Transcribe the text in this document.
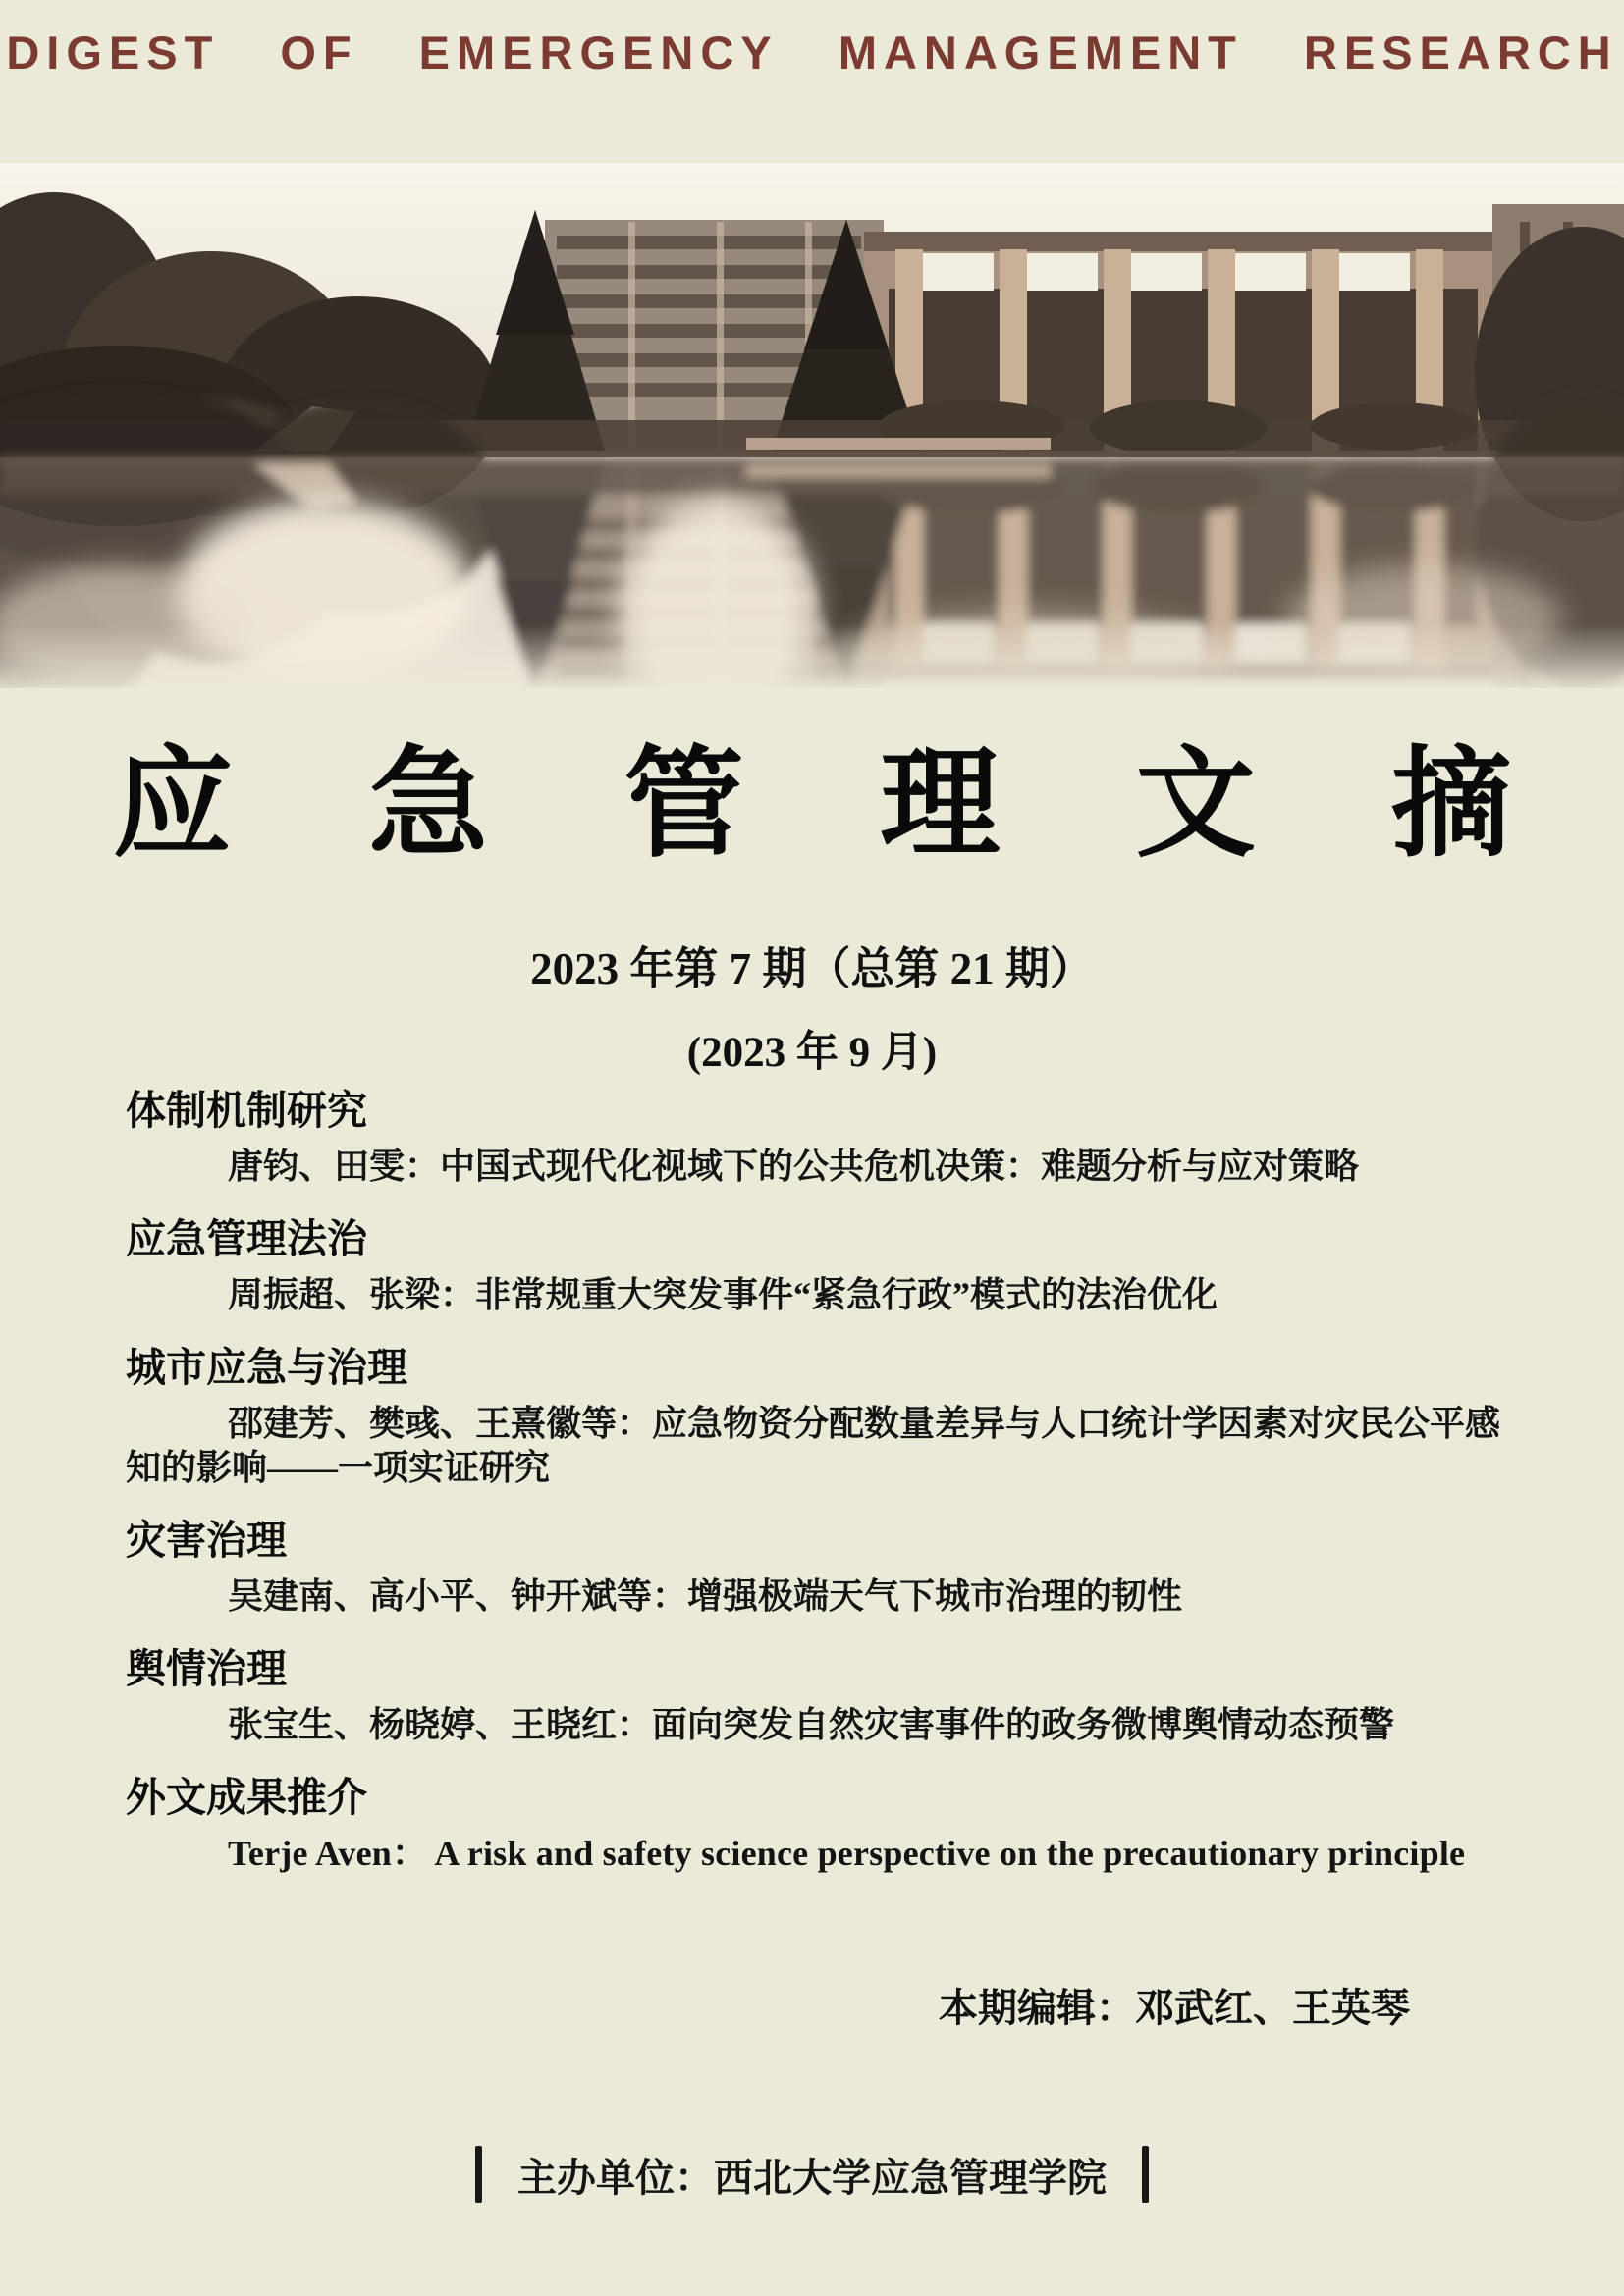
DIGEST OF EMERGENCY MANAGEMENT RESEARCH
应 急 管 理 文 摘
2023 年第 7 期（总第 21 期）
(2023 年 9 月)
体制机制研究

唐钧、田雯：中国式现代化视域下的公共危机决策：难题分析与应对策略

应急管理法治

周振超、张梁：非常规重大突发事件“紧急行政”模式的法治优化

城市应急与治理

邵建芳、樊彧、王熹徽等：应急物资分配数量差异与人口统计学因素对灾民公平感知的影响——一项实证研究

灾害治理

吴建南、高小平、钟开斌等：增强极端天气下城市治理的韧性

舆情治理

张宝生、杨晓婷、王晓红：面向突发自然灾害事件的政务微博舆情动态预警

外文成果推介

Terje Aven： A risk and safety science perspective on the precautionary principle

本期编辑：邓武红、王英琴
主办单位：西北大学应急管理学院
